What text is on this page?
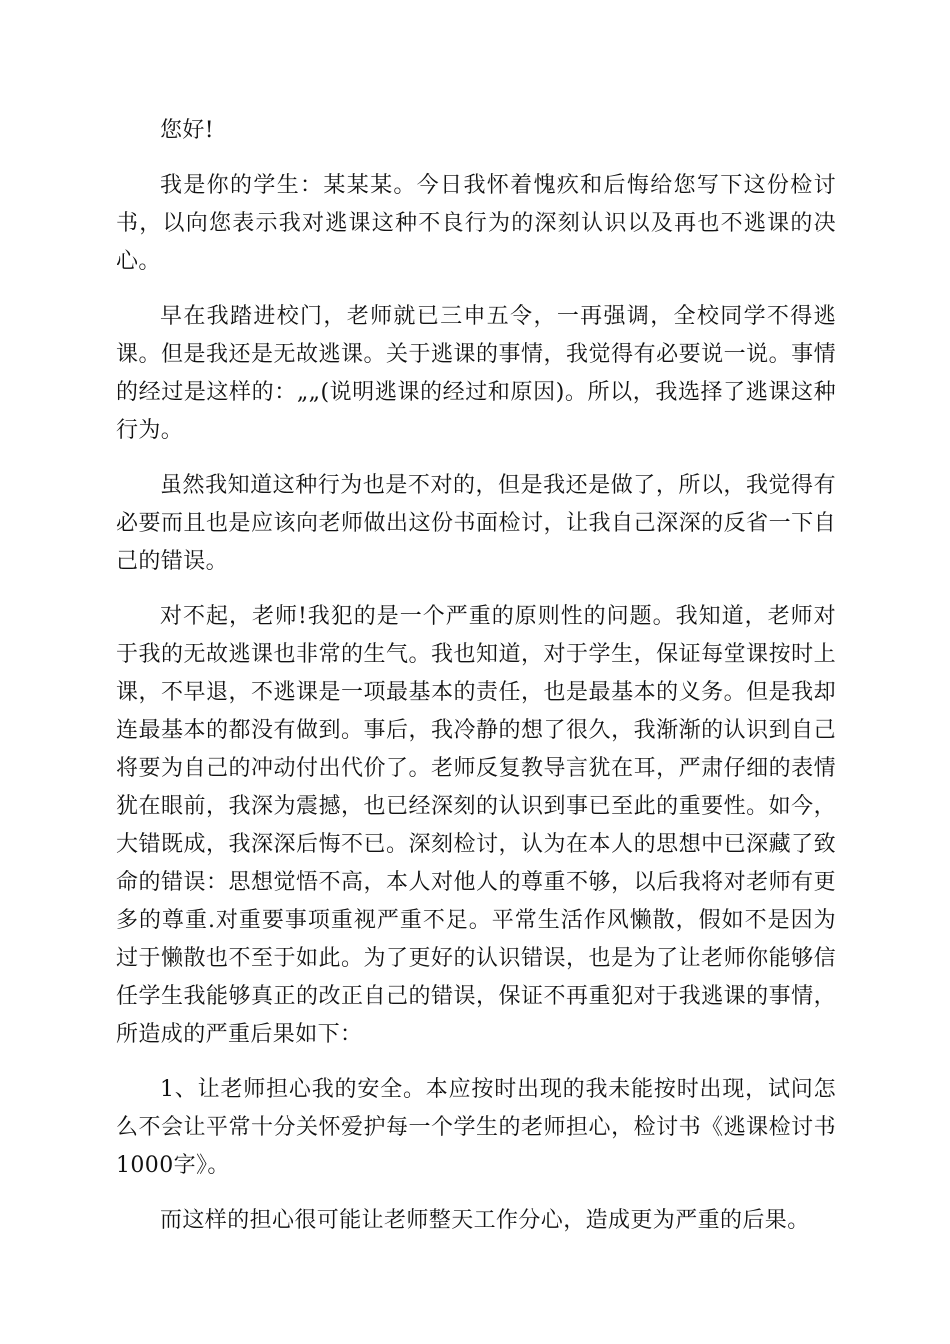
您好!

我是你的学生：某某某。今日我怀着愧疚和后悔给您写下这份检讨书，以向您表示我对逃课这种不良行为的深刻认识以及再也不逃课的决心。

早在我踏进校门，老师就已三申五令，一再强调，全校同学不得逃课。但是我还是无故逃课。关于逃课的事情，我觉得有必要说一说。事情的经过是这样的：„„(说明逃课的经过和原因)。所以，我选择了逃课这种行为。

虽然我知道这种行为也是不对的，但是我还是做了，所以，我觉得有必要而且也是应该向老师做出这份书面检讨，让我自己深深的反省一下自己的错误。

对不起，老师!我犯的是一个严重的原则性的问题。我知道，老师对于我的无故逃课也非常的生气。我也知道，对于学生，保证每堂课按时上课，不早退，不逃课是一项最基本的责任，也是最基本的义务。但是我却连最基本的都没有做到。事后，我冷静的想了很久，我渐渐的认识到自己将要为自己的冲动付出代价了。老师反复教导言犹在耳，严肃仔细的表情犹在眼前，我深为震撼，也已经深刻的认识到事已至此的重要性。如今，大错既成，我深深后悔不已。深刻检讨，认为在本人的思想中已深藏了致命的错误：思想觉悟不高，本人对他人的尊重不够，以后我将对老师有更多的尊重.对重要事项重视严重不足。平常生活作风懒散，假如不是因为过于懒散也不至于如此。为了更好的认识错误，也是为了让老师你能够信任学生我能够真正的改正自己的错误，保证不再重犯对于我逃课的事情，所造成的严重后果如下：

1、让老师担心我的安全。本应按时出现的我未能按时出现，试问怎么不会让平常十分关怀爱护每一个学生的老师担心，检讨书《逃课检讨书1000字》。

而这样的担心很可能让老师整天工作分心，造成更为严重的后果。
